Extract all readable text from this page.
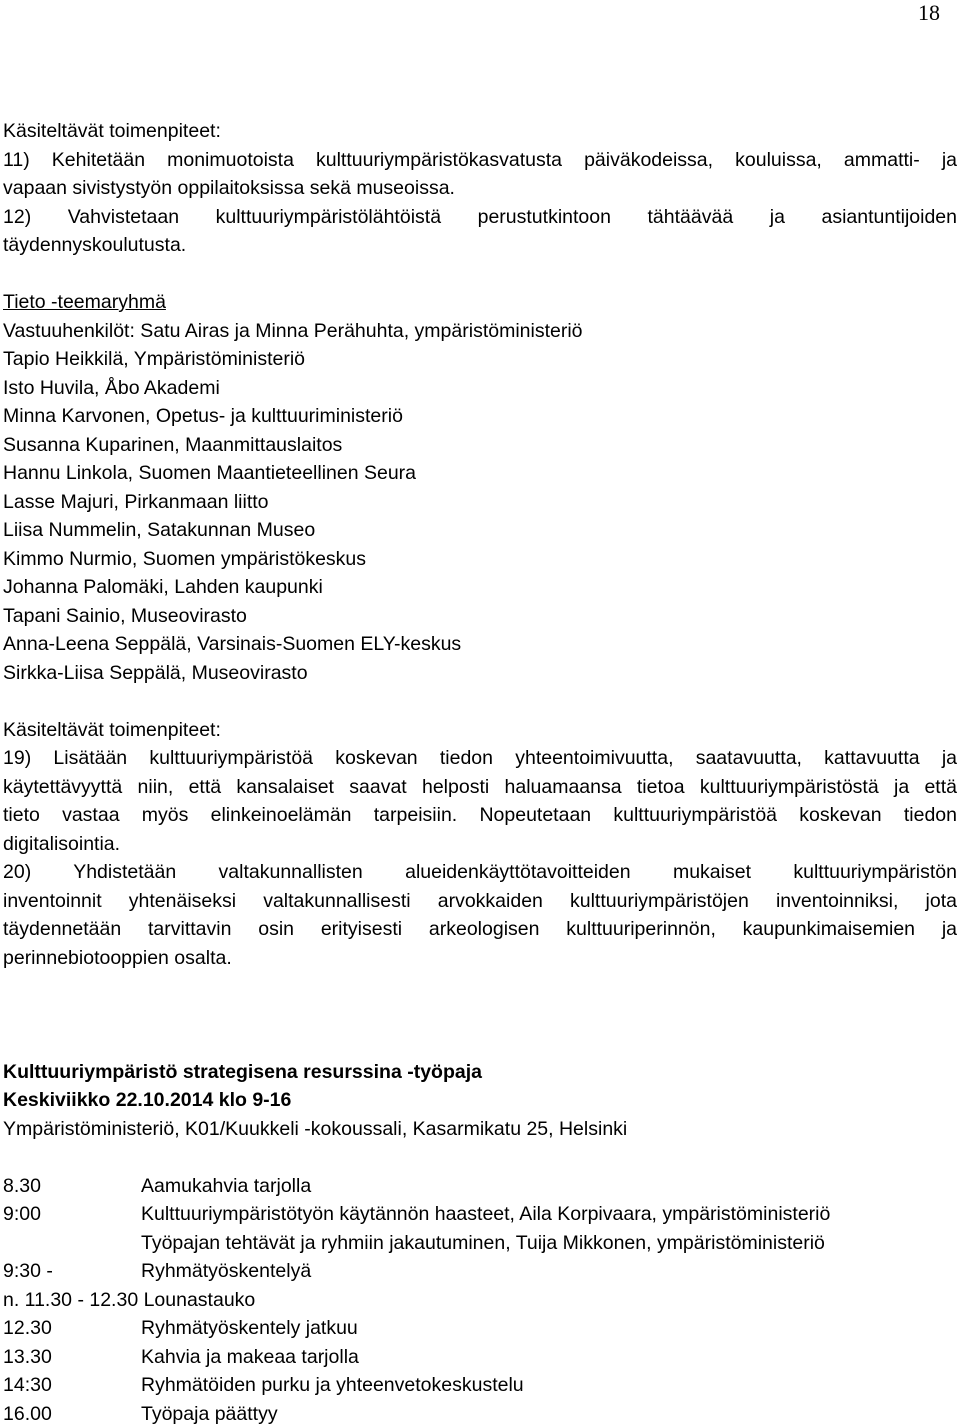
18
Käsiteltävät toimenpiteet:
11) Kehitetään monimuotoista kulttuuriympäristökasvatusta päiväkodeissa, kouluissa, ammatti- ja
vapaan sivistystyön oppilaitoksissa sekä museoissa.
12) Vahvistetaan kulttuuriympäristölähtöistä perustutkintoon tähtäävää ja asiantuntijoiden
täydennyskoulutusta.
Tieto -teemaryhmä
Vastuuhenkilöt: Satu Airas ja Minna Perähuhta, ympäristöministeriö
Tapio Heikkilä, Ympäristöministeriö
Isto Huvila, Åbo Akademi
Minna Karvonen, Opetus- ja kulttuuriministeriö
Susanna Kuparinen, Maanmittauslaitos
Hannu Linkola, Suomen Maantieteellinen Seura
Lasse Majuri, Pirkanmaan liitto
Liisa Nummelin, Satakunnan Museo
Kimmo Nurmio, Suomen ympäristökeskus
Johanna Palomäki, Lahden kaupunki
Tapani Sainio, Museovirasto
Anna-Leena Seppälä, Varsinais-Suomen ELY-keskus
Sirkka-Liisa Seppälä, Museovirasto
Käsiteltävät toimenpiteet:
19) Lisätään kulttuuriympäristöä koskevan tiedon yhteentoimivuutta, saatavuutta, kattavuutta ja
käytettävyyttä niin, että kansalaiset saavat helposti haluamaansa tietoa kulttuuriympäristöstä ja että
tieto vastaa myös elinkeinoelämän tarpeisiin. Nopeutetaan kulttuuriympäristöä koskevan tiedon
digitalisointia.
20) Yhdistetään valtakunnallisten alueidenkäyttötavoitteiden mukaiset kulttuuriympäristön
inventoinnit yhtenäiseksi valtakunnallisesti arvokkaiden kulttuuriympäristöjen inventoinniksi, jota
täydennetään tarvittavin osin erityisesti arkeologisen kulttuuriperinnön, kaupunkimaisemien ja
perinnebiotooppien osalta.
Kulttuuriympäristö strategisena resurssina -työpaja
Keskiviikko 22.10.2014 klo 9-16
Ympäristöministeriö, K01/Kuukkeli -kokoussali, Kasarmikatu 25, Helsinki
8.30	Aamukahvia tarjolla
9:00	Kulttuuriympäristötyön käytännön haasteet, Aila Korpivaara, ympäristöministeriö
Työpajan tehtävät ja ryhmiin jakautuminen, Tuija Mikkonen, ympäristöministeriö
9:30 -	Ryhmätyöskentelyä
n. 11.30 - 12.30 Lounastauko
12.30	Ryhmätyöskentely jatkuu
13.30	Kahvia ja makeaa tarjolla
14:30	Ryhmätöiden purku ja yhteenvetokeskustelu
16.00	Työpaja päättyy
